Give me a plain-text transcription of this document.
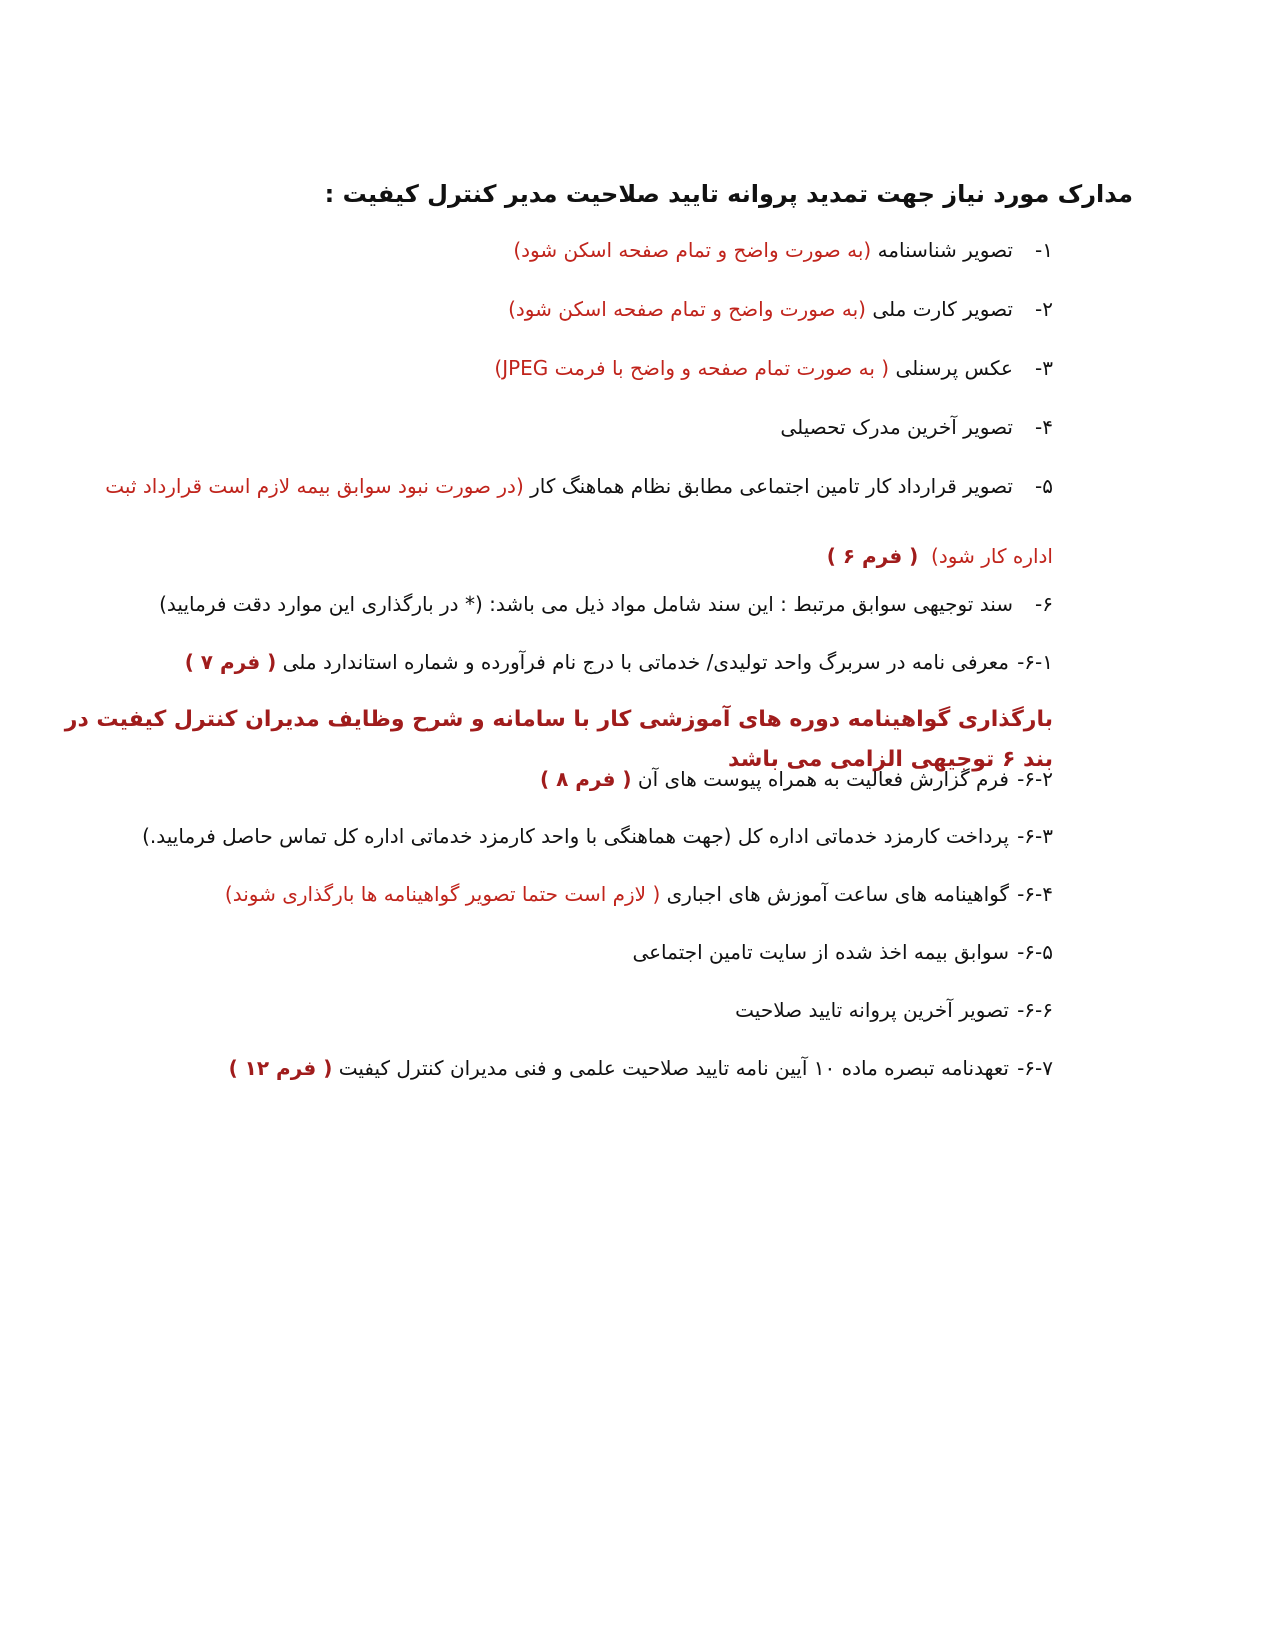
مدارک مورد نیاز جهت تمدید پروانه تایید صلاحیت مدیر کنترل کیفیت :
۱-تصویر شناسنامه (به صورت واضح و تمام صفحه اسکن شود)
۲-تصویر کارت ملی (به صورت واضح و تمام صفحه اسکن شود)
۳-عکس پرسنلی ( به صورت تمام صفحه و واضح با فرمت JPEG)
۴-تصویر آخرین مدرک تحصیلی
۵-تصویر قرارداد کار تامین اجتماعی مطابق نظام هماهنگ کار (در صورت نبود سوابق بیمه لازم است قرارداد ثبت
اداره کار شود)  ( فرم ۶ )
۶-سند توجیهی سوابق مرتبط : این سند شامل مواد ذیل می باشد: (* در بارگذاری این موارد دقت فرمایید)
۶-۱-معرفی نامه در سربرگ واحد تولیدی/ خدماتی با درج نام فرآورده و شماره استاندارد ملی ( فرم ۷ )
بارگذاری گواهینامه دوره های آموزشی کار با سامانه و شرح وظایف مدیران کنترل کیفیت در بند ۶ توجیهی الزامی می باشد
۶-۲-فرم گزارش فعالیت به همراه پیوست های آن ( فرم ۸ )
۶-۳-پرداخت کارمزد خدماتی اداره کل (جهت هماهنگی با واحد کارمزد خدماتی اداره کل تماس حاصل فرمایید.)
۶-۴-گواهینامه های ساعت آموزش های اجباری ( لازم است حتما تصویر گواهینامه ها بارگذاری شوند)
۶-۵-سوابق بیمه اخذ شده از سایت تامین اجتماعی
۶-۶-تصویر آخرین پروانه تایید صلاحیت
۶-۷-تعهدنامه تبصره ماده ۱۰ آیین نامه تایید صلاحیت علمی و فنی مدیران کنترل کیفیت ( فرم ۱۲ )
